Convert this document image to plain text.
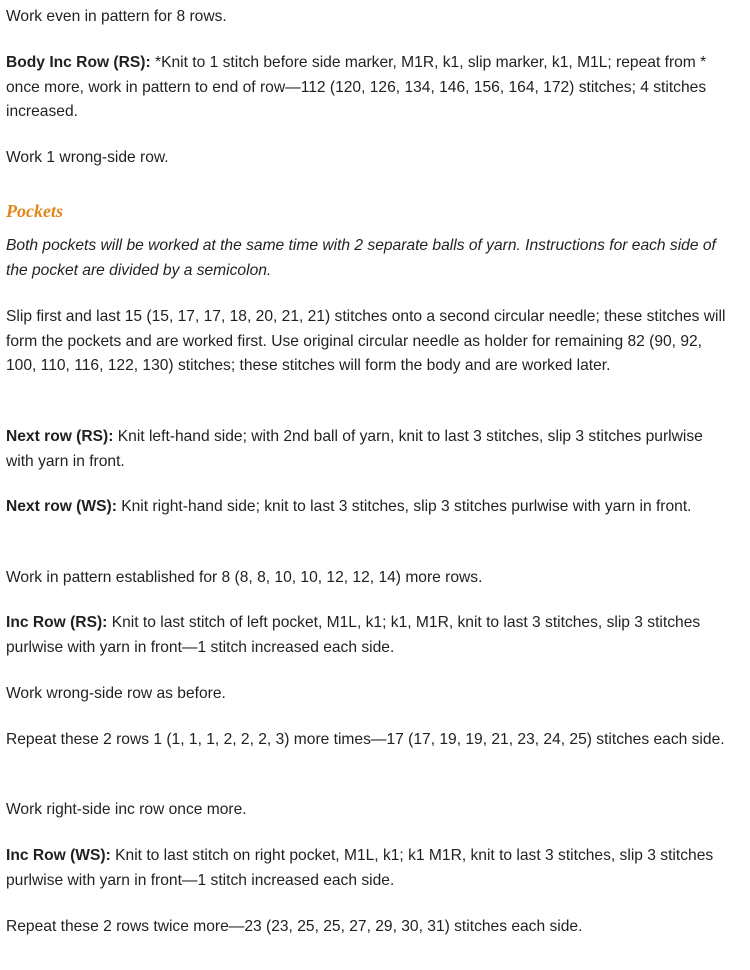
Work even in pattern for 8 rows.

Body Inc Row (RS): *Knit to 1 stitch before side marker, M1R, k1, slip marker, k1, M1L; repeat from * once more, work in pattern to end of row—112 (120, 126, 134, 146, 156, 164, 172) stitches; 4 stitches increased.

Work 1 wrong-side row.

Pockets

Both pockets will be worked at the same time with 2 separate balls of yarn. Instructions for each side of the pocket are divided by a semicolon.

Slip first and last 15 (15, 17, 17, 18, 20, 21, 21) stitches onto a second circular needle; these stitches will form the pockets and are worked first. Use original circular needle as holder for remaining 82 (90, 92, 100, 110, 116, 122, 130) stitches; these stitches will form the body and are worked later.

Next row (RS): Knit left-hand side; with 2nd ball of yarn, knit to last 3 stitches, slip 3 stitches purlwise with yarn in front.

Next row (WS): Knit right-hand side; knit to last 3 stitches, slip 3 stitches purlwise with yarn in front.

Work in pattern established for 8 (8, 8, 10, 10, 12, 12, 14) more rows.

Inc Row (RS): Knit to last stitch of left pocket, M1L, k1; k1, M1R, knit to last 3 stitches, slip 3 stitches purlwise with yarn in front—1 stitch increased each side.

Work wrong-side row as before.

Repeat these 2 rows 1 (1, 1, 1, 2, 2, 2, 3) more times—17 (17, 19, 19, 21, 23, 24, 25) stitches each side.

Work right-side inc row once more.

Inc Row (WS): Knit to last stitch on right pocket, M1L, k1; k1 M1R, knit to last 3 stitches, slip 3 stitches purlwise with yarn in front—1 stitch increased each side.

Repeat these 2 rows twice more—23 (23, 25, 25, 27, 29, 30, 31) stitches each side.
